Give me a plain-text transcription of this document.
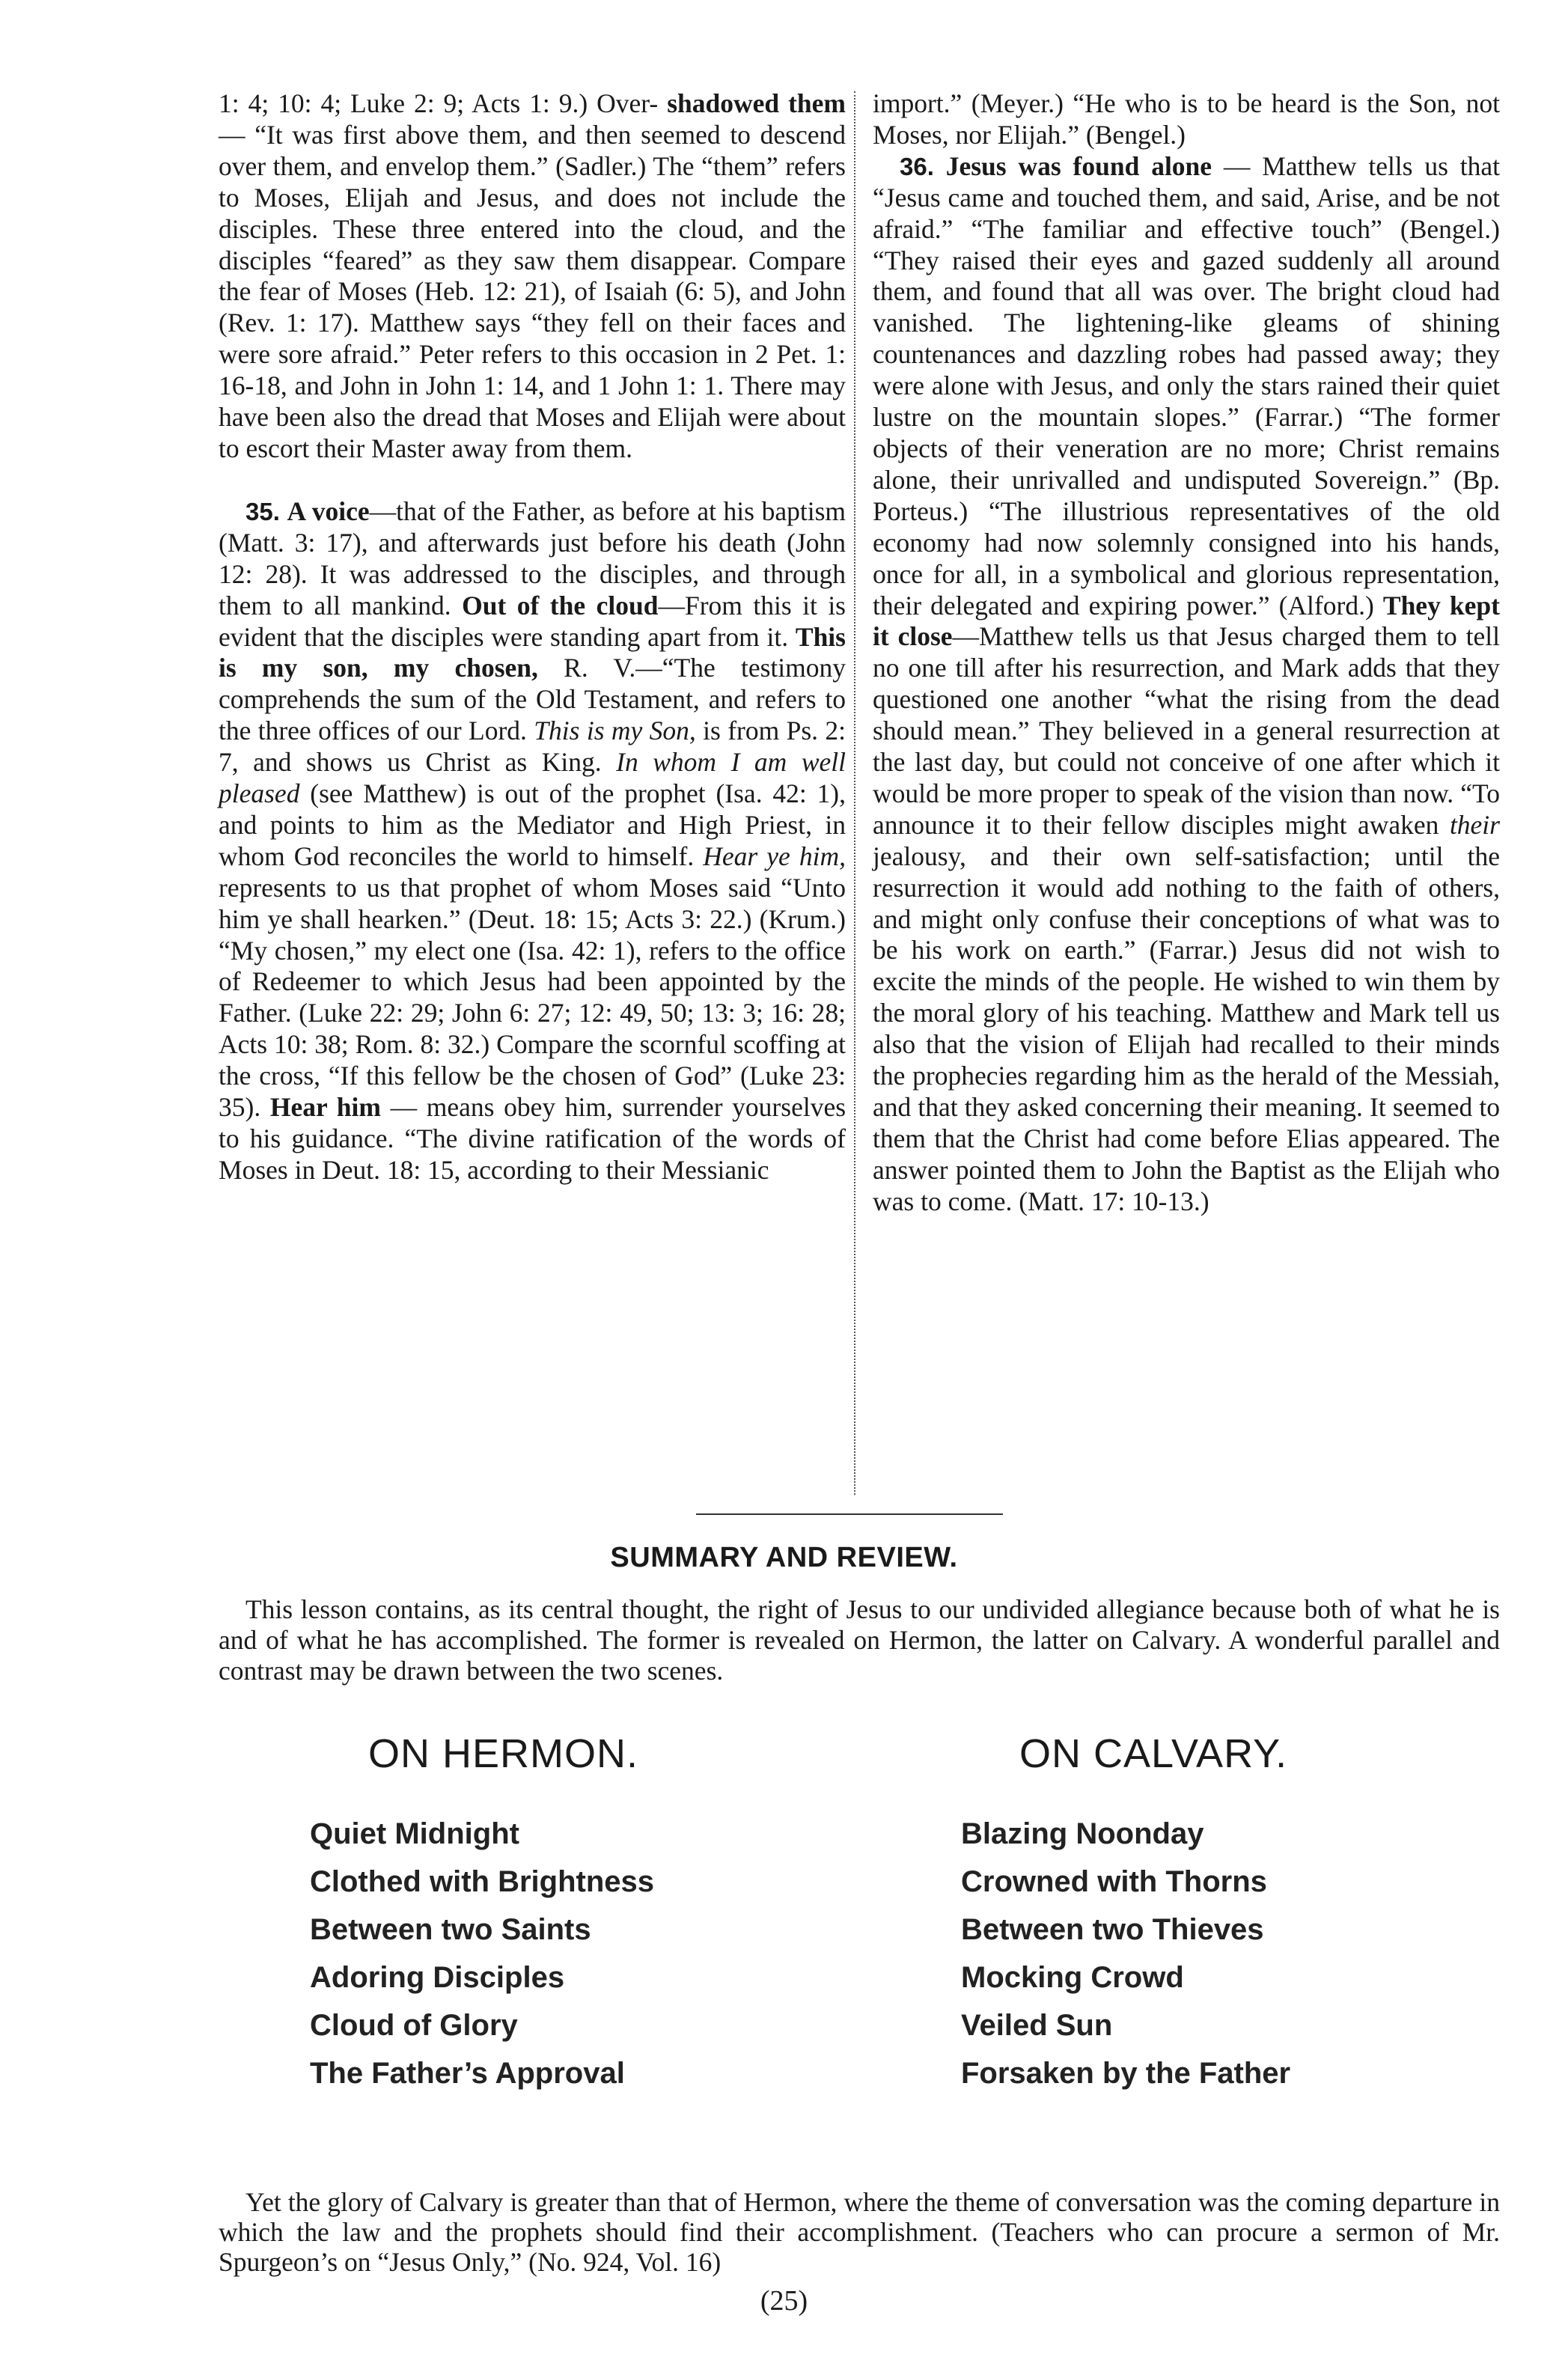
1: 4; 10: 4; Luke 2: 9; Acts 1: 9.) Over- shadowed them — “It was first above them, and then seemed to descend over them, and envelop them.” (Sadler.) The “them” refers to Moses, Elijah and Jesus, and does not include the disciples. These three entered into the cloud, and the disciples “feared” as they saw them disappear. Compare the fear of Moses (Heb. 12: 21), of Isaiah (6: 5), and John (Rev. 1: 17). Matthew says “they fell on their faces and were sore afraid.” Peter refers to this occasion in 2 Pet. 1: 16-18, and John in John 1: 14, and 1 John 1: 1. There may have been also the dread that Moses and Elijah were about to escort their Master away from them.

35. A voice—that of the Father, as before at his baptism (Matt. 3: 17), and afterwards just before his death (John 12: 28). It was addressed to the disciples, and through them to all mankind. Out of the cloud—From this it is evident that the disciples were standing apart from it. This is my son, my chosen, R. V.—“The testimony comprehends the sum of the Old Testament, and refers to the three offices of our Lord. This is my Son, is from Ps. 2: 7, and shows us Christ as King. In whom I am well pleased (see Matthew) is out of the prophet (Isa. 42: 1), and points to him as the Mediator and High Priest, in whom God reconciles the world to himself. Hear ye him, represents to us that prophet of whom Moses said “Unto him ye shall hearken.” (Deut. 18: 15; Acts 3: 22.) (Krum.) “My chosen,” my elect one (Isa. 42: 1), refers to the office of Redeemer to which Jesus had been appointed by the Father. (Luke 22: 29; John 6: 27; 12: 49, 50; 13: 3; 16: 28; Acts 10: 38; Rom. 8: 32.) Compare the scornful scoffing at the cross, “If this fellow be the chosen of God” (Luke 23: 35). Hear him — means obey him, surrender yourselves to his guidance. “The divine ratification of the words of Moses in Deut. 18: 15, according to their Messianic

import.” (Meyer.) “He who is to be heard is the Son, not Moses, nor Elijah.” (Bengel.)

36. Jesus was found alone — Matthew tells us that “Jesus came and touched them, and said, Arise, and be not afraid.” “The familiar and effective touch” (Bengel.) “They raised their eyes and gazed suddenly all around them, and found that all was over. The bright cloud had vanished. The lightening-like gleams of shining countenances and dazzling robes had passed away; they were alone with Jesus, and only the stars rained their quiet lustre on the mountain slopes.” (Farrar.) “The former objects of their veneration are no more; Christ remains alone, their unrivalled and undisputed Sovereign.” (Bp. Porteus.) “The illustrious representatives of the old economy had now solemnly consigned into his hands, once for all, in a symbolical and glorious representation, their delegated and expiring power.” (Alford.) They kept it close—Matthew tells us that Jesus charged them to tell no one till after his resurrection, and Mark adds that they questioned one another “what the rising from the dead should mean.” They believed in a general resurrection at the last day, but could not conceive of one after which it would be more proper to speak of the vision than now. “To announce it to their fellow disciples might awaken their jealousy, and their own self-satisfaction; until the resurrection it would add nothing to the faith of others, and might only confuse their conceptions of what was to be his work on earth.” (Farrar.) Jesus did not wish to excite the minds of the people. He wished to win them by the moral glory of his teaching. Matthew and Mark tell us also that the vision of Elijah had recalled to their minds the prophecies regarding him as the herald of the Messiah, and that they asked concerning their meaning. It seemed to them that the Christ had come before Elias appeared. The answer pointed them to John the Baptist as the Elijah who was to come. (Matt. 17: 10-13.)

SUMMARY AND REVIEW.

This lesson contains, as its central thought, the right of Jesus to our undivided allegiance because both of what he is and of what he has accomplished. The former is revealed on Hermon, the latter on Calvary. A wonderful parallel and contrast may be drawn between the two scenes.

ON HERMON.	ON CALVARY.
Quiet Midnight
Clothed with Brightness
Between two Saints
Adoring Disciples
Cloud of Glory
The Father’s Approval
Blazing Noonday
Crowned with Thorns
Between two Thieves
Mocking Crowd
Veiled Sun
Forsaken by the Father

Yet the glory of Calvary is greater than that of Hermon, where the theme of conversation was the coming departure in which the law and the prophets should find their accomplishment. (Teachers who can procure a sermon of Mr. Spurgeon’s on “Jesus Only,” (No. 924, Vol. 16)

(25)
